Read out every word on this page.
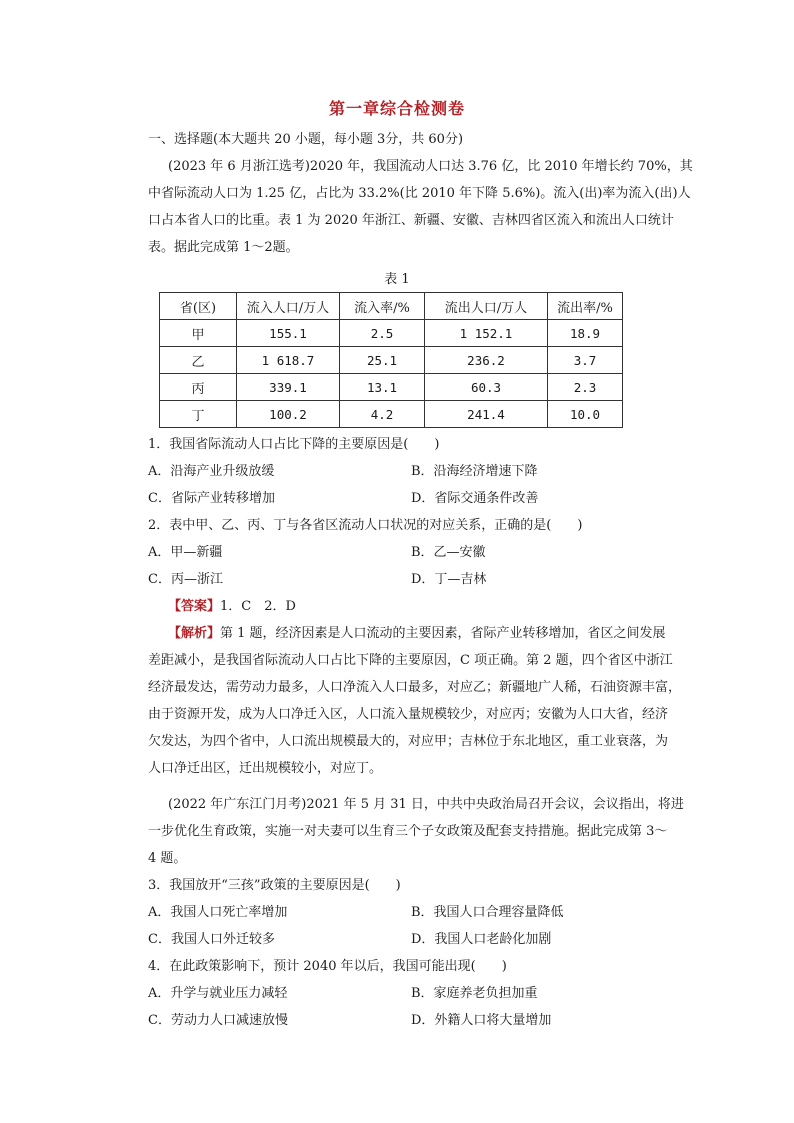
第一章综合检测卷
一、选择题(本大题共 20 小题，每小题 3分，共 60分)
(2023 年 6 月浙江选考)2020 年，我国流动人口达 3.76 亿，比 2010 年增长约 70%，其
中省际流动人口为 1.25 亿，占比为 33.2%(比 2010 年下降 5.6%)。流入(出)率为流入(出)人
口占本省人口的比重。表 1 为 2020 年浙江、新疆、安徽、吉林四省区流入和流出人口统计
表。据此完成第 1～2题。
表 1
省(区)	流入人口/万人	流入率/%	流出人口/万人	流出率/%
甲	155.1	2.5	1 152.1	18.9
乙	1 618.7	25.1	236.2	3.7
丙	339.1	13.1	60.3	2.3
丁	100.2	4.2	241.4	10.0
1．我国省际流动人口占比下降的主要原因是(　　)
A．沿海产业升级放缓	B．沿海经济增速下降
C．省际产业转移增加	D．省际交通条件改善
2．表中甲、乙、丙、丁与各省区流动人口状况的对应关系，正确的是(　　)
A．甲—新疆	B．乙—安徽
C．丙—浙江	D．丁—吉林
【答案】1．C　2．D
【解析】第 1 题，经济因素是人口流动的主要因素，省际产业转移增加，省区之间发展
差距减小，是我国省际流动人口占比下降的主要原因，C 项正确。第 2 题，四个省区中浙江
经济最发达，需劳动力最多，人口净流入人口最多，对应乙；新疆地广人稀，石油资源丰富，
由于资源开发，成为人口净迁入区，人口流入量规模较少，对应丙；安徽为人口大省，经济
欠发达，为四个省中，人口流出规模最大的，对应甲；吉林位于东北地区，重工业衰落，为
人口净迁出区，迁出规模较小，对应丁。
(2022 年广东江门月考)2021 年 5 月 31 日，中共中央政治局召开会议，会议指出，将进
一步优化生育政策，实施一对夫妻可以生育三个子女政策及配套支持措施。据此完成第 3～
4 题。
3．我国放开“三孩”政策的主要原因是(　　)
A．我国人口死亡率增加	B．我国人口合理容量降低
C．我国人口外迁较多	D．我国人口老龄化加剧
4．在此政策影响下，预计 2040 年以后，我国可能出现(　　)
A．升学与就业压力减轻	B．家庭养老负担加重
C．劳动力人口减速放慢	D．外籍人口将大量增加
